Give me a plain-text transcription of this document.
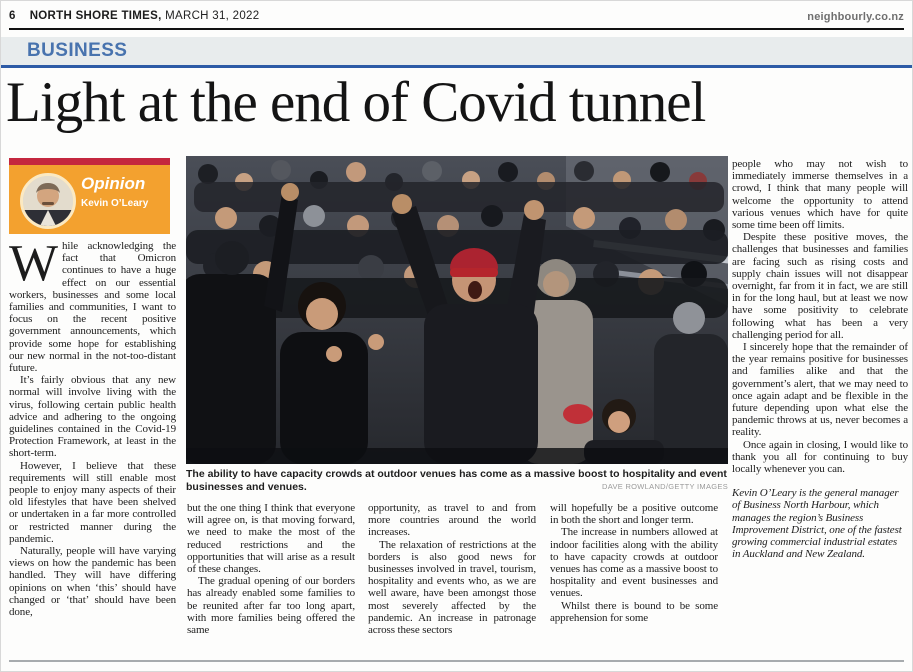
6 NORTH SHORE TIMES, MARCH 31, 2022	neighbourly.co.nz
BUSINESS
Light at the end of Covid tunnel
Opinion
Kevin O’Leary
The ability to have capacity crowds at outdoor venues has come as a massive boost to hospitality and event businesses and venues.	DAVE ROWLAND/GETTY IMAGES

While acknowledging the fact that Omicron continues to have a huge effect on our essential workers, businesses and some local families and communities, I want to focus on the recent positive government announcements, which provide some hope for establishing our new normal in the not-too-distant future.

It’s fairly obvious that any new normal will involve living with the virus, following certain public health advice and adhering to the ongoing guidelines contained in the Covid-19 Protection Framework, at least in the short-term.

However, I believe that these requirements will still enable most people to enjoy many aspects of their old lifestyles that have been shelved or undertaken in a far more controlled or restricted manner during the pandemic.

Naturally, people will have varying views on how the pandemic has been handled. They will have differing opinions on when ‘this’ should have changed or ‘that’ should have been done,

but the one thing I think that everyone will agree on, is that moving forward, we need to make the most of the reduced restrictions and the opportunities that will arise as a result of these changes.

The gradual opening of our borders has already enabled some families to be reunited after far too long apart, with more families being offered the same

opportunity, as travel to and from more countries around the world increases.

The relaxation of restrictions at the borders is also good news for businesses involved in travel, tourism, hospitality and events who, as we are well aware, have been amongst those most severely affected by the pandemic. An increase in patronage across these sectors

will hopefully be a positive outcome in both the short and longer term.

The increase in numbers allowed at indoor facilities along with the ability to have capacity crowds at outdoor venues has come as a massive boost to hospitality and event businesses and venues.

Whilst there is bound to be some apprehension for some

people who may not wish to immediately immerse themselves in a crowd, I think that many people will welcome the opportunity to attend various venues which have for quite some time been off limits.

Despite these positive moves, the challenges that businesses and families are facing such as rising costs and supply chain issues will not disappear overnight, far from it in fact, we are still in for the long haul, but at least we now have some positivity to celebrate following what has been a very challenging period for all.

I sincerely hope that the remainder of the year remains positive for businesses and families alike and that the government’s alert, that we may need to once again adapt and be flexible in the future depending upon what else the pandemic throws at us, never becomes a reality.

Once again in closing, I would like to thank you all for continuing to buy locally whenever you can.

Kevin O’Leary is the general manager of Business North Harbour, which manages the region’s Business Improvement District, one of the fastest growing commercial industrial estates in Auckland and New Zealand.
